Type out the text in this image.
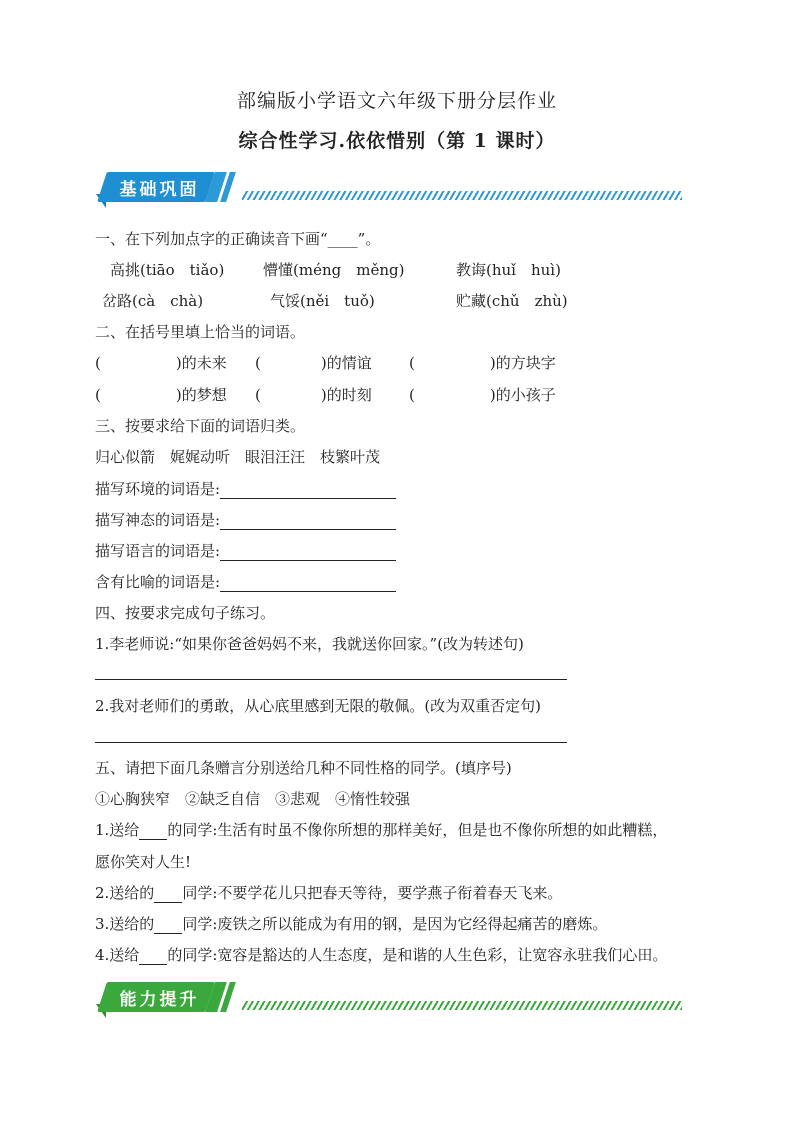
部编版小学语文六年级下册分层作业
综合性学习.依依惜别（第 1 课时）
基础巩固
一、在下列加点字的正确读音下画“____”。
高挑(tiāo　tiǎo)	懵懂(méng　měng)	教诲(huǐ　huì)
岔路(cà　chà)	气馁(něi　tuǒ)	贮藏(chǔ　zhù)
二、在括号里填上恰当的词语。
(　　　　　)的未来 (　　　　)的情谊 (　　　　　)的方块字
(　　　　　)的梦想 (　　　　)的时刻 (　　　　　)的小孩子
三、按要求给下面的词语归类。
归心似箭　娓娓动听　眼泪汪汪　枝繁叶茂
描写环境的词语是:
描写神态的词语是:
描写语言的词语是:
含有比喻的词语是:
四、按要求完成句子练习。
1.李老师说:“如果你爸爸妈妈不来，我就送你回家。”(改为转述句)
2.我对老师们的勇敢，从心底里感到无限的敬佩。(改为双重否定句)
五、请把下面几条赠言分别送给几种不同性格的同学。(填序号)
①心胸狭窄　②缺乏自信　③悲观　④惰性较强
1.送给 的同学:生活有时虽不像你所想的那样美好，但是也不像你所想的如此糟糕，
愿你笑对人生!
2.送给的 同学:不要学花儿只把春天等待，要学燕子衔着春天飞来。
3.送给的 同学:废铁之所以能成为有用的钢，是因为它经得起痛苦的磨炼。
4.送给 的同学:宽容是豁达的人生态度，是和谐的人生色彩，让宽容永驻我们心田。
能力提升
